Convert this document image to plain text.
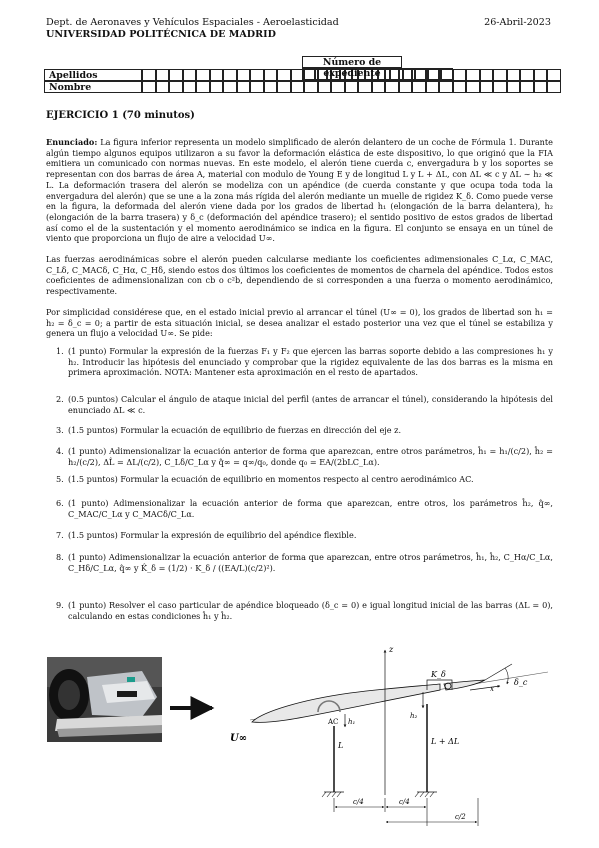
Dept. de Aeronaves y Vehículos Espaciales - Aeroelasticidad
UNIVERSIDAD POLITÉCNICA DE MADRID
26-Abril-2023
Número de expediente
Apellidos
Nombre
EJERCICIO 1 (70 minutos)
Enunciado: La figura inferior representa un modelo simplificado de alerón delantero de un coche de Fórmula 1. Durante algún tiempo algunos equipos utilizaron a su favor la deformación elástica de este dispositivo, lo que originó que la FIA emitiera un comunicado con normas nuevas. En este modelo, el alerón tiene cuerda c, envergadura b y los soportes se representan con dos barras de área A, material con modulo de Young E y de longitud L y L + ΔL, con ΔL ≪ c y ΔL ∼ h₂ ≪ L. La deformación trasera del alerón se modeliza con un apéndice (de cuerda constante y que ocupa toda toda la envergadura del alerón) que se une a la zona más rígida del alerón mediante un muelle de rigidez K_δ. Como puede verse en la figura, la deformada del alerón viene dada por los grados de libertad h₁ (elongación de la barra delantera), h₂ (elongación de la barra trasera) y δ_c (deformación del apéndice trasero); el sentido positivo de estos grados de libertad así como el de la sustentación y el momento aerodinámico se indica en la figura. El conjunto se ensaya en un túnel de viento que proporciona un flujo de aire a velocidad U∞.
Las fuerzas aerodinámicas sobre el alerón pueden calcularse mediante los coeficientes adimensionales C_Lα, C_MAC, C_Lδ, C_MACδ, C_Hα, C_Hδ, siendo estos dos últimos los coeficientes de momentos de charnela del apéndice. Todos estos coeficientes de adimensionalizan con cb o c²b, dependiendo de si corresponden a una fuerza o momento aerodinámico, respectivamente.
Por simplicidad considérese que, en el estado inicial previo al arrancar el túnel (U∞ = 0), los grados de libertad son h₁ = h₂ = δ_c = 0; a partir de esta situación inicial, se desea analizar el estado posterior una vez que el túnel se estabiliza y genera un flujo a velocidad U∞. Se pide:
1. (1 punto) Formular la expresión de la fuerzas F₁ y F₂ que ejercen las barras soporte debido a las compresiones h₁ y h₂. Introducir las hipótesis del enunciado y comprobar que la rigidez equivalente de las dos barras es la misma en primera aproximación. NOTA: Mantener esta aproximación en el resto de apartados.
2. (0.5 puntos) Calcular el ángulo de ataque inicial del perfil (antes de arrancar el túnel), considerando la hipótesis del enunciado ΔL ≪ c.
3. (1.5 puntos) Formular la ecuación de equilibrio de fuerzas en dirección del eje z.
4. (1 punto) Adimensionalizar la ecuación anterior de forma que aparezcan, entre otros parámetros, ĥ₁ = h₁/(c/2), ĥ₂ = h₂/(c/2), ΔL̂ = ΔL/(c/2), C_Lδ/C_Lα y q̂∞ = q∞/q₀, donde q₀ = EA/(2bLC_Lα).
5. (1.5 puntos) Formular la ecuación de equilibrio en momentos respecto al centro aerodinámico AC.
6. (1 punto) Adimensionalizar la ecuación anterior de forma que aparezcan, entre otros, los parámetros ĥ₂, q̂∞, C_MAC/C_Lα y C_MACδ/C_Lα.
7. (1.5 puntos) Formular la expresión de equilibrio del apéndice flexible.
8. (1 punto) Adimensionalizar la ecuación anterior de forma que aparezcan, entre otros parámetros, ĥ₁, ĥ₂, C_Hα/C_Lα, C_Hδ/C_Lα, q̂∞ y K̂_δ = (1/2) · K_δ / ((EA/L)(c/2)²).
9. (1 punto) Resolver el caso particular de apéndice bloqueado (δ_c = 0) e igual longitud inicial de las barras (ΔL = 0), calculando en estas condiciones ĥ₁ y ĥ₂.
U∞
z
x
K_δ
δ_c
AC h₁
L
h₂
L + ΔL
c/4	c/4
c/2
